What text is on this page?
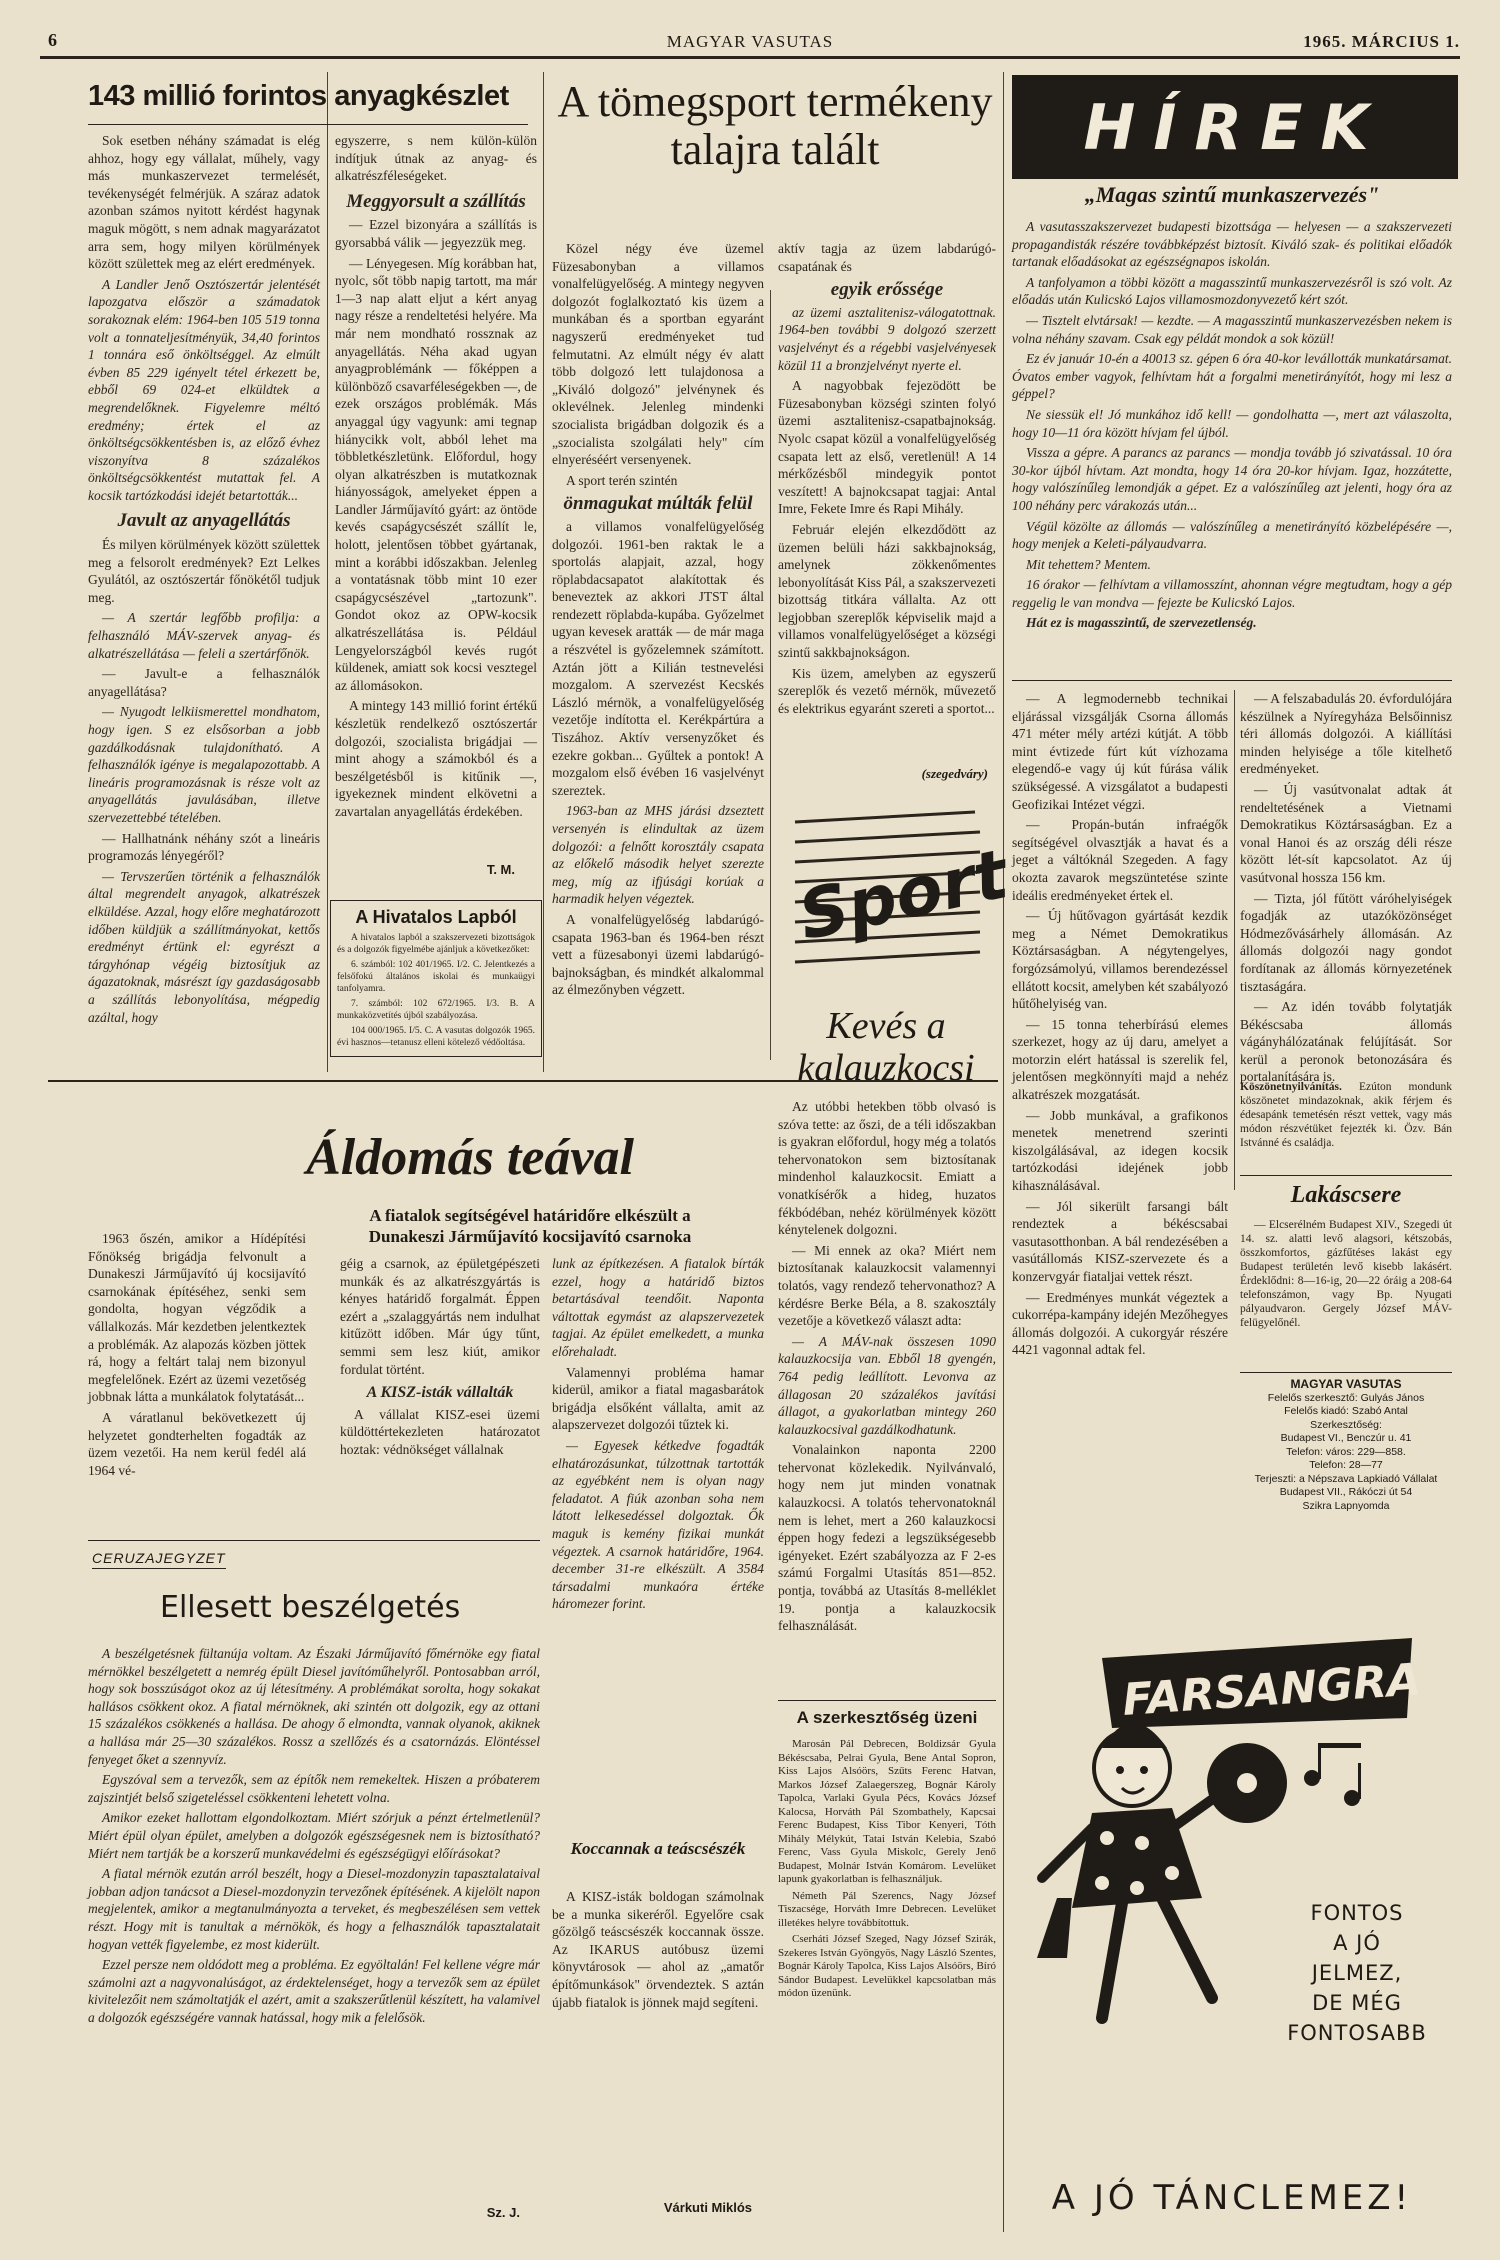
6	MAGYAR VASUTAS	1965. MÁRCIUS 1.
143 millió forintos anyagkészlet

Sok esetben néhány számadat is elég ahhoz, hogy egy vállalat, műhely, vagy más munkaszervezet termelését, tevékenységét felmérjük. A száraz adatok azonban számos nyitott kérdést hagynak maguk mögött, s nem adnak magyarázatot arra sem, hogy milyen körülmények között születtek meg az elért eredmények.

A Landler Jenő Osztószertár jelentését lapozgatva először a számadatok sorakoznak elém: 1964-ben 105 519 tonna volt a tonnateljesítményük, 34,40 forintos 1 tonnára eső önköltséggel. Az elmúlt évben 85 229 igényelt tétel érkezett be, ebből 69 024-et elküldtek a megrendelőknek. Figyelemre méltó eredmény; értek el az önköltségcsökkentésben is, az előző évhez viszonyítva 8 százalékos önköltségcsökkentést mutattak fel. A kocsik tartózkodási idejét betartották...

Javult az anyagellátás

És milyen körülmények között születtek meg a felsorolt eredmények? Ezt Lelkes Gyulától, az osztószertár főnökétől tudjuk meg.

— A szertár legfőbb profilja: a felhasználó MÁV-szervek anyag- és alkatrészellátása — feleli a szertárfőnök.

— Javult-e a felhasználók anyagellátása?

— Nyugodt lelkiismerettel mondhatom, hogy igen. S ez elsősorban a jobb gazdálkodásnak tulajdonítható. A felhasználók igénye is megalapozottabb. A lineáris programozásnak is része volt az anyagellátás javulásában, illetve szervezettebbé tételében.

— Hallhatnánk néhány szót a lineáris programozás lényegéről?

— Tervszerűen történik a felhasználók által megrendelt anyagok, alkatrészek elküldése. Azzal, hogy előre meghatározott időben küldjük a szállítmányokat, kettős eredményt értünk el: egyrészt a tárgyhónap végéig biztosítjuk az ágazatoknak, másrészt így gazdaságosabb a szállítás lebonyolítása, mégpedig azáltal, hogy

egyszerre, s nem külön-külön indítjuk útnak az anyag- és alkatrészféleségeket.

Meggyorsult a szállítás

— Ezzel bizonyára a szállítás is gyorsabbá válik — jegyezzük meg.

— Lényegesen. Míg korábban hat, nyolc, sőt több napig tartott, ma már 1—3 nap alatt eljut a kért anyag nagy része a rendeltetési helyére. Ma már nem mondható rossznak az anyagellátás. Néha akad ugyan anyagproblémánk — főképpen a különböző csavarféleségekben —, de ezek országos problémák. Más anyaggal úgy vagyunk: ami tegnap hiánycikk volt, abból lehet ma többletkészletünk. Előfordul, hogy olyan alkatrészben is mutatkoznak hiányosságok, amelyeket éppen a Landler Járműjavító gyárt: az öntöde kevés csapágycsészét szállít le, holott, jelentősen többet gyártanak, mint a korábbi időszakban. Jelenleg a vontatásnak több mint 10 ezer csapágycsészével „tartozunk". Gondot okoz az OPW-kocsik alkatrészellátása is. Például Lengyelországból kevés rugót küldenek, amiatt sok kocsi vesztegel az állomásokon.

A mintegy 143 millió forint értékű készletük rendelkező osztószertár dolgozói, szocialista brigádjai — mint ahogy a számokból és a beszélgetésből is kitűnik —, igyekeznek mindent elkövetni a zavartalan anyagellátás érdekében.

T. M.
A Hivatalos Lapból

A hivatalos lapból a szakszervezeti bizottságok és a dolgozók figyelmébe ajánljuk a következőket:

6. számból: 102 401/1965. I/2. C. Jelentkezés a felsőfokú általános iskolai és munkaügyi tanfolyamra.

7. számból: 102 672/1965. I/3. B. A munkaközvetítés újból szabályozása.

104 000/1965. I/5. C. A vasutas dolgozók 1965. évi hasznos—tetanusz elleni kötelező védőoltása.

A tömegsport termékeny talajra talált

Közel négy éve üzemel Füzesabonyban a villamos vonalfelügyelőség. A mintegy negyven dolgozót foglalkoztató kis üzem a munkában és a sportban egyaránt nagyszerű eredményeket tud felmutatni. Az elmúlt négy év alatt több dolgozó lett tulajdonosa a „Kiváló dolgozó" jelvénynek és oklevélnek. Jelenleg mindenki szocialista brigádban dolgozik és a „szocialista szolgálati hely" cím elnyeréséért versenyenek.

A sport terén szintén

önmagukat múlták felül

a villamos vonalfelügyelőség dolgozói. 1961-ben raktak le a sportolás alapjait, azzal, hogy röplabdacsapatot alakítottak és beneveztek az akkori JTST által rendezett röplabda-kupába. Győzelmet ugyan kevesek aratták — de már maga a részvétel is győzelemnek számított. Aztán jött a Kilián testnevelési mozgalom. A szervezést Kecskés László mérnök, a vonalfelügyelőség vezetője indította el. Kerékpártúra a Tiszához. Aktív versenyzőket és ezekre gokban... Gyűltek a pontok! A mozgalom első évében 16 vasjelvényt szereztek.

1963-ban az MHS járási dzseztett versenyén is elindultak az üzem dolgozói: a felnőtt korosztály csapata az előkelő második helyet szerezte meg, míg az ifjúsági korúak a harmadik helyen végeztek.

A vonalfelügyelőség labdarúgó-csapata 1963-ban és 1964-ben részt vett a füzesabonyi üzemi labdarúgó-bajnokságban, és mindkét alkalommal az élmezőnyben végzett.

aktív tagja az üzem labdarúgó-csapatának és

egyik erőssége

az üzemi asztalitenisz-válogatottnak. 1964-ben további 9 dolgozó szerzett vasjelvényt és a régebbi vasjelvényesek közül 11 a bronzjelvényt nyerte el.

A nagyobbak fejezödött be Füzesabonyban községi szinten folyó üzemi asztalitenisz-csapatbajnokság. Nyolc csapat közül a vonalfelügyelőség csapata lett az első, veretlenül! A 14 mérkőzésből mindegyik pontot veszített! A bajnokcsapat tagjai: Antal Imre, Fekete Imre és Rapi Mihály.

Február elején elkezdődött az üzemen belüli házi sakkbajnokság, amelynek zökkenőmentes lebonyolítását Kiss Pál, a szakszervezeti bizottság titkára vállalta. Az ott legjobban szereplők képviselik majd a villamos vonalfelügyelőséget a községi szintű sakkbajnokságon.

Kis üzem, amelyben az egyszerű szereplők és vezető mérnök, művezető és elektrikus egyaránt szereti a sportot...

(szegedváry)
Sport
Kevés a kalauzkocsi
HÍREK
„Magas szintű munkaszervezés"

A vasutasszakszervezet budapesti bizottsága — helyesen — a szakszervezeti propagandisták részére továbbképzést biztosít. Kiváló szak- és politikai előadók tartanak előadásokat az egészségnapos iskolán.

A tanfolyamon a többi között a magasszintű munkaszervezésről is szó volt. Az előadás után Kulicskó Lajos villamosmozdonyvezető kért szót.

— Tisztelt elvtársak! — kezdte. — A magasszintű munkaszervezésben nekem is volna néhány szavam. Csak egy példát mondok a sok közül!

Ez év január 10-én a 40013 sz. gépen 6 óra 40-kor levállották munkatársamat. Óvatos ember vagyok, felhívtam hát a forgalmi menetirányítót, hogy mi lesz a géppel?

Ne siessük el! Jó munkához idő kell! — gondolhatta —, mert azt válaszolta, hogy 10—11 óra között hívjam fel újból.

Vissza a gépre. A parancs az parancs — mondja tovább jó szivatással. 10 óra 30-kor újból hívtam. Azt mondta, hogy 14 óra 20-kor hívjam. Igaz, hozzátette, hogy valószínűleg lemondják a gépet. Ez a valószínűleg azt jelenti, hogy óra az 100 néhány perc várakozás után...

Végül közölte az állomás — valószínűleg a menetirányító közbelépésére —, hogy menjek a Keleti-pályaudvarra.

Mit tehettem? Mentem.

16 órakor — felhívtam a villamosszínt, ahonnan végre megtudtam, hogy a gép reggelig le van mondva — fejezte be Kulicskó Lajos.

Hát ez is magasszintű, de szervezetlenség.

— A legmodernebb technikai eljárással vizsgálják Csorna állomás 471 méter mély artézi kútját. A több mint évtizede fúrt kút vízhozama elegendő-e vagy új kút fúrása válik szükségessé. A vizsgálatot a budapesti Geofizikai Intézet végzi.

— Propán-bután infraégők segítségével olvasztják a havat és a jeget a váltóknál Szegeden. A fagy okozta zavarok megszüntetése szinte ideális eredményeket értek el.

— Új hűtővagon gyártását kezdik meg a Német Demokratikus Köztársaságban. A négytengelyes, forgózsámolyú, villamos berendezéssel ellátott kocsit, amelyben két szabályozó hűtőhelyiség van.

— 15 tonna teherbírású elemes szerkezet, hogy az új daru, amelyet a motorzin elért hatással is szerelik fel, jelentősen megkönnyíti majd a nehéz alkatrészek mozgatását.

— Jobb munkával, a grafikonos menetek menetrend szerinti kiszolgálásával, az idegen kocsik tartózkodási idejének jobb kihasználásával.

— Jól sikerült farsangi bált rendeztek a békéscsabai vasutasotthonban. A bál rendezésében a vasútállomás KISZ-szervezete és a konzervgyár fiataljai vettek részt.

— Eredményes munkát végeztek a cukorrépa-kampány idején Mezőhegyes állomás dolgozói. A cukorgyár részére 4421 vagonnal adtak fel.

— A felszabadulás 20. évfordulójára készülnek a Nyíregyháza Belsőinnisz téri állomás dolgozói. A kiállítási minden helyisége a tőle kitelhető eredményeket.

— Új vasútvonalat adtak át rendeltetésének a Vietnami Demokratikus Köztársaságban. Ez a vonal Hanoi és az ország déli része között lét-sít kapcsolatot. Az új vasútvonal hossza 156 km.

— Tizta, jól fűtött váróhelyiségek fogadják az utazóközönséget Hódmezővásárhely állomásán. Az állomás dolgozói nagy gondot fordítanak az állomás környezetének tisztaságára.

— Az idén tovább folytatják Békéscsaba állomás vágányhálózatának felújítását. Sor kerül a peronok betonozására és portalanítására is.

Köszönetnyilvánítás. Ezúton mondunk köszönetet mindazoknak, akik férjem és édesapánk temetésén részt vettek, vagy más módon részvétüket fejezték ki. Özv. Bán Istvánné és családja.

Lakáscsere

— Elcserélném Budapest XIV., Szegedi út 14. sz. alatti levő alagsori, kétszobás, összkomfortos, gázfűtéses lakást egy Budapest területén levő kisebb lakásért. Érdeklődni: 8—16-ig, 20—22 óráig a 208-64 telefonszámon, vagy Bp. Nyugati pályaudvaron. Gergely József MÁV-felügyelőnél.

MAGYAR VASUTAS
Felelős szerkesztő: Gulyás János
Felelős kiadó: Szabó Antal
Szerkesztőség:
Budapest VI., Benczúr u. 41
Telefon: város: 229—858.
Telefon: 28—77
Terjeszti: a Népszava Lapkiadó Vállalat
Budapest VII., Rákóczi út 54
Szikra Lapnyomda
Áldomás teával
A fiatalok segítségével határidőre elkészült a Dunakeszi Járműjavító kocsijavító csarnoka

1963 őszén, amikor a Hídépítési Főnökség brigádja felvonult a Dunakeszi Járműjavító új kocsijavító csarnokának építéséhez, senki sem gondolta, hogyan végződik a vállalkozás. Már kezdetben jelentkeztek a problémák. Az alapozás közben jöttek rá, hogy a feltárt talaj nem bizonyul megfelelőnek. Ezért az üzemi vezetőség jobbnak látta a munkálatok folytatását...

A váratlanul bekövetkezett új helyzetet gondterhelten fogadták az üzem vezetői. Ha nem kerül fedél alá 1964 vé-

géig a csarnok, az épületgépészeti munkák és az alkatrészgyártás is kényes határidő forgalmát. Éppen ezért a „szalaggyártás nem indulhat kitűzött időben. Már úgy tűnt, semmi sem lesz kiút, amikor fordulat történt.

A KISZ-isták vállalták

A vállalat KISZ-esei üzemi küldöttértekezleten határozatot hoztak: védnökséget vállalnak

lunk az építkezésen. A fiatalok bírták ezzel, hogy a határidő biztos betartásával teendőit. Naponta váltottak egymást az alapszervezetek tagjai. Az épület emelkedett, a munka előrehaladt.

Valamennyi probléma hamar kiderül, amikor a fiatal magasbarátok brigádja elsőként vállalta, amit az alapszervezet dolgozói tűztek ki.

— Egyesek kétkedve fogadták elhatározásunkat, túlzottnak tartották az egyébként nem is olyan nagy feladatot. A fiúk azonban soha nem látott lelkesedéssel dolgoztak. Ők maguk is kemény fizikai munkát végeztek. A csarnok határidőre, 1964. december 31-re elkészült. A 3584 társadalmi munkaóra értéke háromezer forint.

Koccannak a teáscsészék

A KISZ-isták boldogan számolnak be a munka sikeréről. Egyelőre csak gőzölgő teáscsészék koccannak össze. Az IKARUS autóbusz üzemi könyvtárosok — ahol az „amatőr építőmunkások" örvendeztek. S aztán újabb fiatalok is jönnek majd segíteni.

Várkuti Miklós

Az utóbbi hetekben több olvasó is szóva tette: az őszi, de a téli időszakban is gyakran előfordul, hogy még a tolatós tehervonatokon sem biztosítanak mindenhol kalauzkocsit. Emiatt a vonatkísérők a hideg, huzatos fékbódéban, nehéz körülmények között kénytelenek dolgozni.

— Mi ennek az oka? Miért nem biztosítanak kalauzkocsit valamennyi tolatós, vagy rendező tehervonathoz? A kérdésre Berke Béla, a 8. szakosztály vezetője a következő választ adta:

— A MÁV-nak összesen 1090 kalauzkocsija van. Ebből 18 gyengén, 764 pedig leállított. Levonva az állagosan 20 százalékos javítási állagot, a gyakorlatban mintegy 260 kalauzkocsival gazdálkodhatunk.

Vonalainkon naponta 2200 tehervonat közlekedik. Nyilvánvaló, hogy nem jut minden vonatnak kalauzkocsi. A tolatós tehervonatoknál nem is lehet, mert a 260 kalauzkocsi éppen hogy fedezi a legszükségesebb igényeket. Ezért szabályozza az F 2-es számú Forgalmi Utasítás 851—852. pontja, továbbá az Utasítás 8-melléklet 19. pontja a kalauzkocsik felhasználását.

A szerkesztőség üzeni

Marosán Pál Debrecen, Boldizsár Gyula Békéscsaba, Pelrai Gyula, Bene Antal Sopron, Kiss Lajos Alsóörs, Szűts Ferenc Hatvan, Markos József Zalaegerszeg, Bognár Károly Tapolca, Varlaki Gyula Pécs, Kovács József Kalocsa, Horváth Pál Szombathely, Kapcsai Ferenc Budapest, Kiss Tibor Kenyeri, Tóth Mihály Mélykút, Tatai István Kelebia, Szabó Ferenc, Vass Gyula Miskolc, Gerely Jenő Budapest, Molnár István Komárom. Levelüket lapunk gyakorlatban is felhasználjuk.

Németh Pál Szerencs, Nagy József Tiszacsége, Horváth Imre Debrecen. Levelüket illetékes helyre továbbítottuk.

Cserháti József Szeged, Nagy József Szirák, Szekeres István Gyöngyös, Nagy László Szentes, Bognár Károly Tapolca, Kiss Lajos Alsóörs, Bíró Sándor Budapest. Levelükkel kapcsolatban más módon üzenünk.

CERUZAJEGYZET
Ellesett beszélgetés

A beszélgetésnek fültanúja voltam. Az Északi Járműjavító főmérnöke egy fiatal mérnökkel beszélgetett a nemrég épült Diesel javítóműhelyről. Pontosabban arról, hogy sok bosszúságot okoz az új létesítmény. A problémákat sorolta, hogy sokakat hallásos csökkent okoz. A fiatal mérnöknek, aki szintén ott dolgozik, egy az ottani 15 százalékos csökkenés a hallása. De ahogy ő elmondta, vannak olyanok, akiknek a hallása már 25—30 százalékos. Rossz a szellőzés és a csatornázás. Elöntéssel fenyeget őket a szennyvíz.

Egyszóval sem a tervezők, sem az építők nem remekeltek. Hiszen a próbaterem zajszintjét belső szigeteléssel csökkenteni lehetett volna.

Amikor ezeket hallottam elgondolkoztam. Miért szórjuk a pénzt értelmetlenül? Miért épül olyan épület, amelyben a dolgozók egészségesnek nem is biztosítható? Miért nem tartják be a korszerű munkavédelmi és egészségügyi előírásokat?

A fiatal mérnök ezután arról beszélt, hogy a Diesel-mozdonyzin tapasztalataival jobban adjon tanácsot a Diesel-mozdonyzin tervezőnek építésének. A kijelölt napon megjelentek, amikor a megtanulmányozta a terveket, és megbeszélésen sem vettek részt. Hogy mit is tanultak a mérnökök, és hogy a felhasználók tapasztalatait hogyan vették figyelembe, ez most kiderült.

Ezzel persze nem oldódott meg a probléma. Ez egyöltalán! Fel kellene végre már számolni azt a nagyvonalúságot, az érdektelenséget, hogy a tervezők sem az épület kivitelezőit nem számoltatják el azért, amit a szakszerűtlenül készített, ha valamivel a dolgozók egészségére vannak hatással, hogy mik a felelősök.

Sz. J.
FARSANGRA
FONTOS
A JÓ
JELMEZ,
DE MÉG
FONTOSABB
A JÓ TÁNCLEMEZ!
